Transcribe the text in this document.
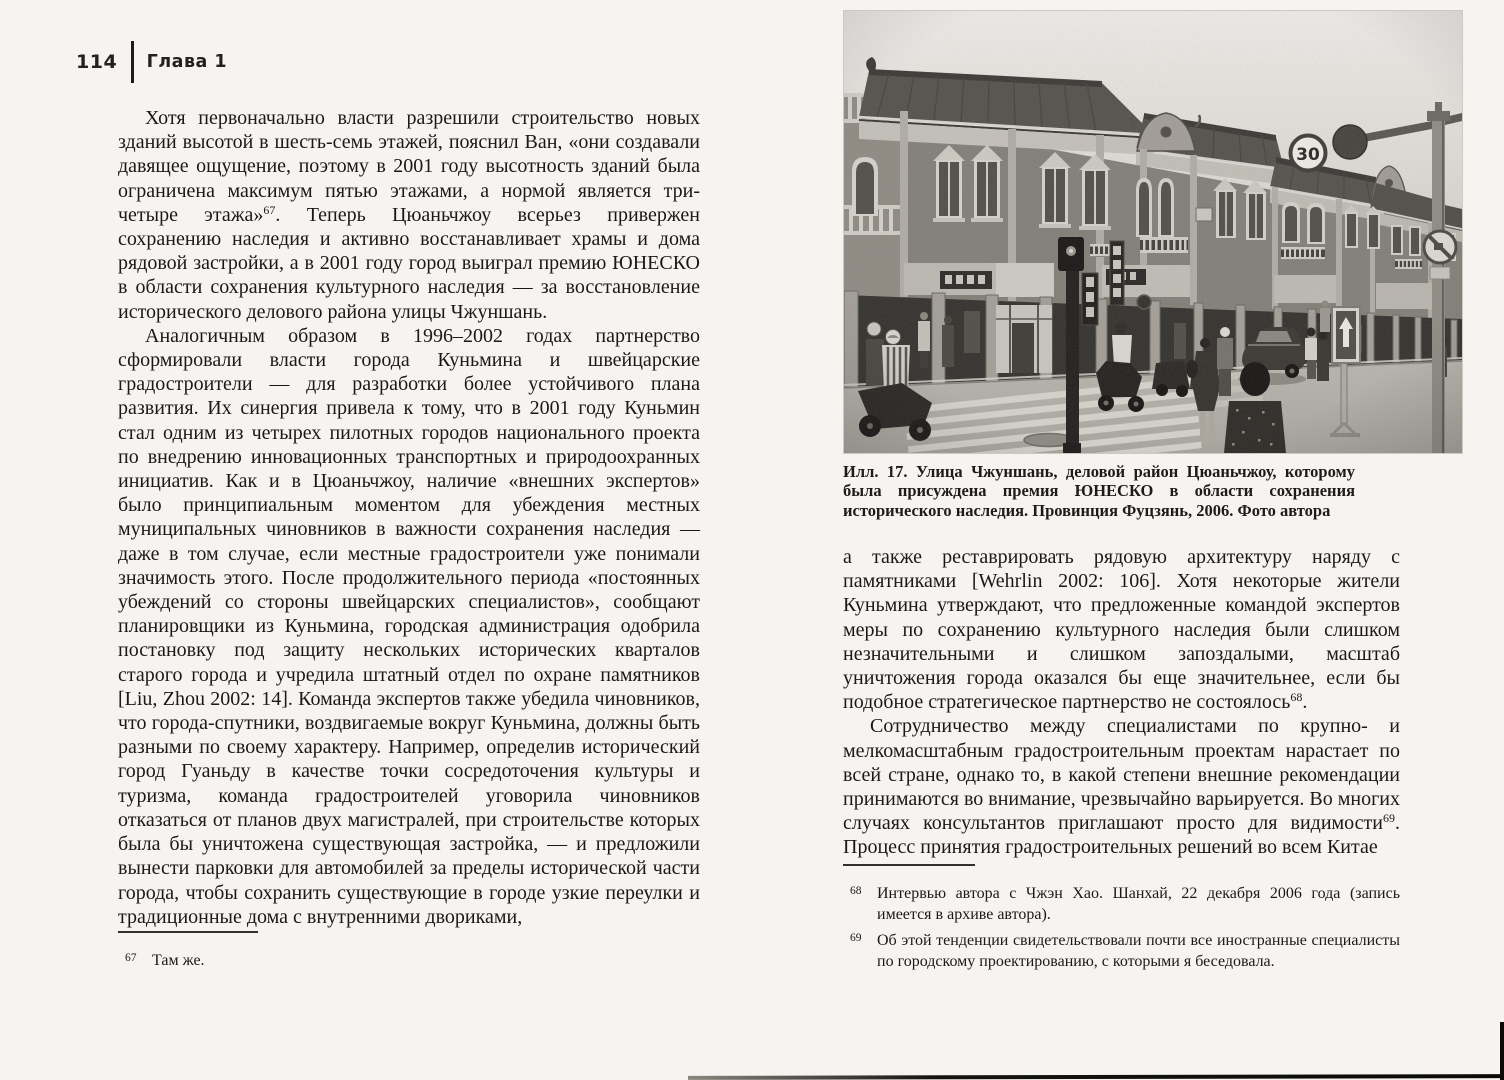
114 Глава 1

Хотя первоначально власти разрешили строительство новых зданий высотой в шесть-семь этажей, пояснил Ван, «они создавали давящее ощущение, поэтому в 2001 году высотность зданий была ограничена максимум пятью этажами, а нормой является три-четыре этажа»$^{67}$. Теперь Цюаньчжоу всерьез привержен сохранению наследия и активно восстанавливает храмы и дома рядовой застройки, а в 2001 году город выиграл премию ЮНЕСКО в области сохранения культурного наследия — за восстановление исторического делового района улицы Чжуншань.

Аналогичным образом в 1996–2002 годах партнерство сформировали власти города Куньмина и швейцарские градостроители — для разработки более устойчивого плана развития. Их синергия привела к тому, что в 2001 году Куньмин стал одним из четырех пилотных городов национального проекта по внедрению инновационных транспортных и природоохранных инициатив. Как и в Цюаньчжоу, наличие «внешних экспертов» было принципиальным моментом для убеждения местных муниципальных чиновников в важности сохранения наследия — даже в том случае, если местные градостроители уже понимали значимость этого. После продолжительного периода «постоянных убеждений со стороны швейцарских специалистов», сообщают планировщики из Куньмина, городская администрация одобрила постановку под защиту нескольких исторических кварталов старого города и учредила штатный отдел по охране памятников [Liu, Zhou 2002: 14]. Команда экспертов также убедила чиновников, что города-спутники, воздвигаемые вокруг Куньмина, должны быть разными по своему характеру. Например, определив исторический город Гуаньду в качестве точки сосредоточения культуры и туризма, команда градостроителей уговорила чиновников отказаться от планов двух магистралей, при строительстве которых была бы уничтожена существующая застройка, — и предложили вынести парковки для автомобилей за пределы исторической части города, чтобы сохранить существующие в городе узкие переулки и традиционные дома с внутренними двориками,

67 Там же.
Илл. 17. Улица Чжуншань, деловой район Цюаньчжоу, которому была присуждена премия ЮНЕСКО в области сохранения исторического наследия. Провинция Фуцзянь, 2006. Фото автора

а также реставрировать рядовую архитектуру наряду с памятниками [Wehrlin 2002: 106]. Хотя некоторые жители Куньмина утверждают, что предложенные командой экспертов меры по сохранению культурного наследия были слишком незначительными и слишком запоздалыми, масштаб уничтожения города оказался бы еще значительнее, если бы подобное стратегическое партнерство не состоялось$^{68}$.

Сотрудничество между специалистами по крупно- и мелкомасштабным градостроительным проектам нарастает по всей стране, однако то, в какой степени внешние рекомендации принимаются во внимание, чрезвычайно варьируется. Во многих случаях консультантов приглашают просто для видимости$^{69}$. Процесс принятия градостроительных решений во всем Китае

68 Интервью автора с Чжэн Хао. Шанхай, 22 декабря 2006 года (запись имеется в архиве автора).
69 Об этой тенденции свидетельствовали почти все иностранные специалисты по городскому проектированию, с которыми я беседовала.
